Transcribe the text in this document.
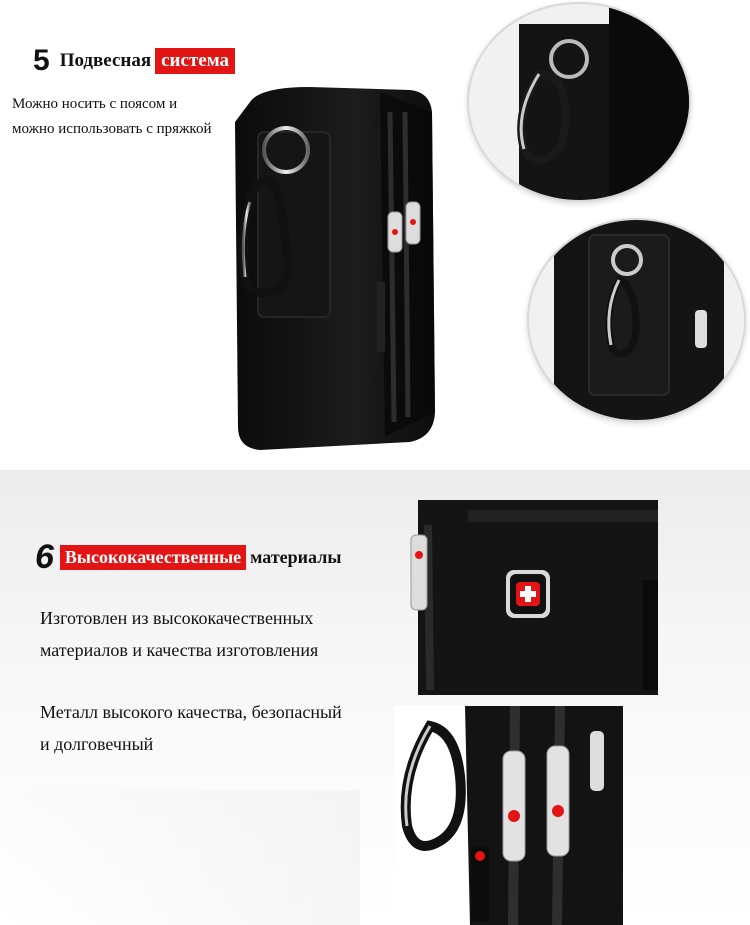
5 Подвесная система
Можно носить с поясом и
можно использовать с пряжкой
6 Высококачественные материалы
Изготовлен из высококачественных
материалов и качества изготовления
Металл высокого качества, безопасный
и долговечный
